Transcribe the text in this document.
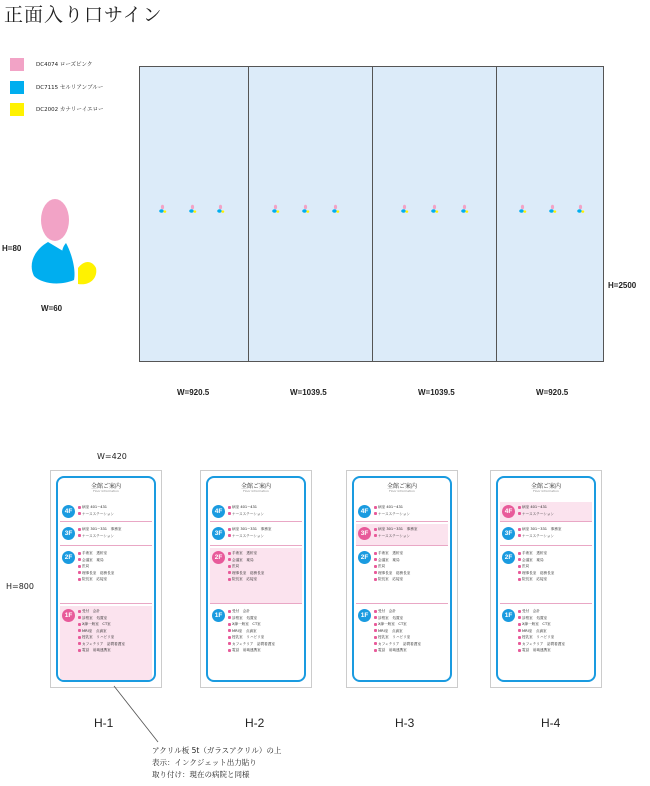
正面入り口サイン
DC4074 ローズピンク
DC7115 セルリアンブルー
DC2002 カナリーイエロー
H=80
W=60
H=2500
W=920.5	W=1039.5	W=1039.5	W=920.5
W=420
H=800
全館ご案内
Floor Information
4F
病室 401~431
ナースステーション
3F
病室 301~331　事務室
ナースステーション
2F
手術室　透析室
会議室　薬局
医局
理事長室　総務長室
院長室　応接室
1F
受付　会計
診察室　処置室
X線一般室　CT室
MRI室　点滴室
授乳室　リハビリ室
カフェテリア　訪問看護室
電話　前域連携室
全館ご案内
Floor Information
4F
病室 401~431
ナースステーション
3F
病室 301~331　事務室
ナースステーション
2F
手術室　透析室
会議室　薬局
医局
理事長室　総務長室
院長室　応接室
1F
受付　会計
診察室　処置室
X線一般室　CT室
MRI室　点滴室
授乳室　リハビリ室
カフェテリア　訪問看護室
電話　前域連携室
全館ご案内
Floor Information
4F
病室 401~431
ナースステーション
3F
病室 301~331　事務室
ナースステーション
2F
手術室　透析室
会議室　薬局
医局
理事長室　総務長室
院長室　応接室
1F
受付　会計
診察室　処置室
X線一般室　CT室
MRI室　点滴室
授乳室　リハビリ室
カフェテリア　訪問看護室
電話　前域連携室
全館ご案内
Floor Information
4F
病室 401~431
ナースステーション
3F
病室 301~331　事務室
ナースステーション
2F
手術室　透析室
会議室　薬局
医局
理事長室　総務長室
院長室　応接室
1F
受付　会計
診察室　処置室
X線一般室　CT室
MRI室　点滴室
授乳室　リハビリ室
カフェテリア　訪問看護室
電話　前域連携室
H-1	H-2	H-3	H-4
アクリル板 5t（ガラスアクリル）の上
表示：インクジェット出力貼り
取り付け：現在の病院と同様
